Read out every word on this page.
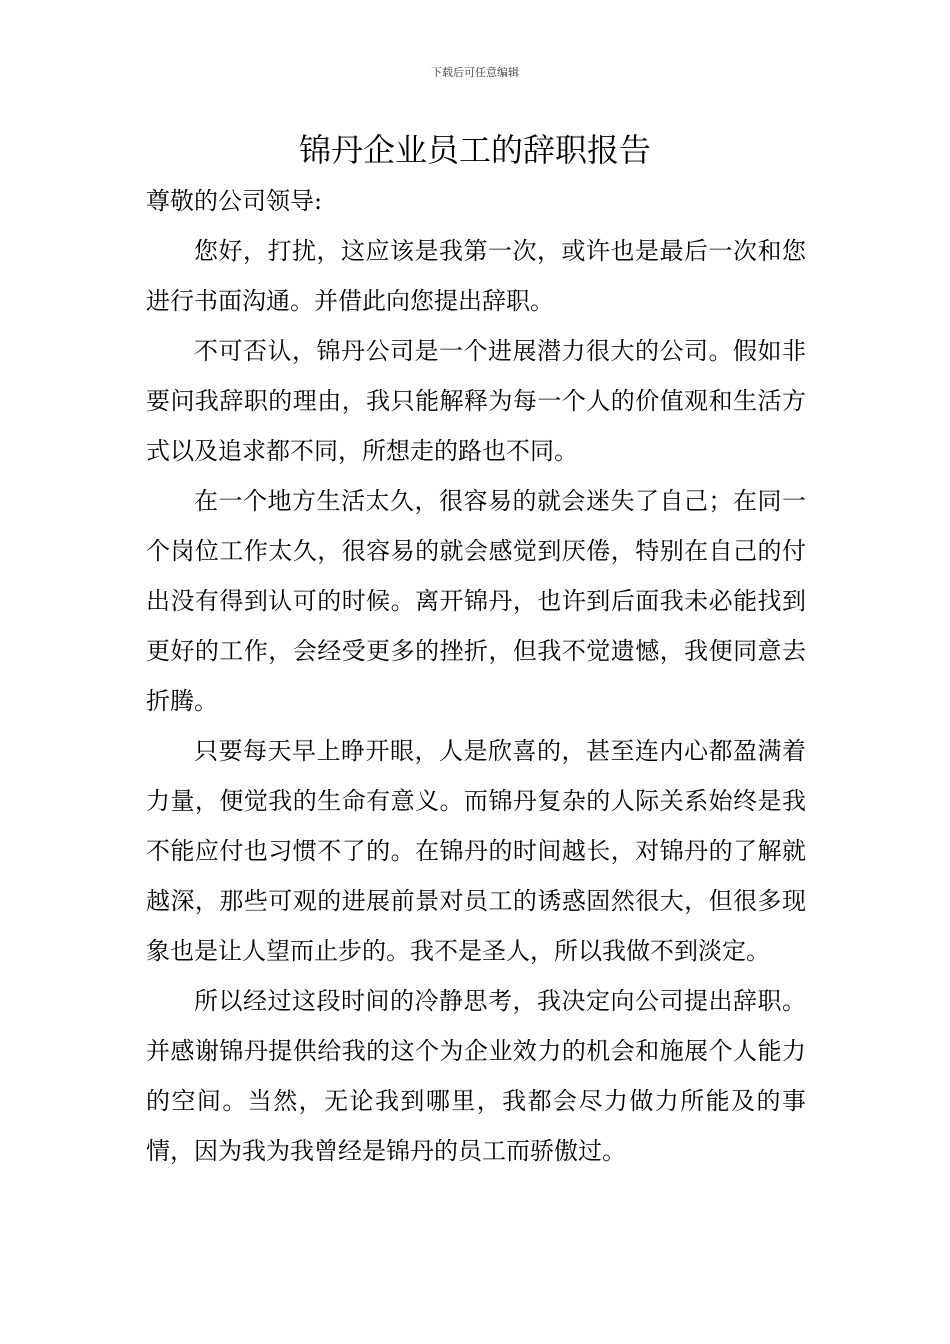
下载后可任意编辑
锦丹企业员工的辞职报告

尊敬的公司领导:

您好，打扰，这应该是我第一次，或许也是最后一次和您进行书面沟通。并借此向您提出辞职。

不可否认，锦丹公司是一个进展潜力很大的公司。假如非要问我辞职的理由，我只能解释为每一个人的价值观和生活方式以及追求都不同，所想走的路也不同。

在一个地方生活太久，很容易的就会迷失了自己；在同一个岗位工作太久，很容易的就会感觉到厌倦，特别在自己的付出没有得到认可的时候。离开锦丹，也许到后面我未必能找到更好的工作，会经受更多的挫折，但我不觉遗憾，我便同意去折腾。

只要每天早上睁开眼，人是欣喜的，甚至连内心都盈满着力量，便觉我的生命有意义。而锦丹复杂的人际关系始终是我不能应付也习惯不了的。在锦丹的时间越长，对锦丹的了解就越深，那些可观的进展前景对员工的诱惑固然很大，但很多现象也是让人望而止步的。我不是圣人，所以我做不到淡定。

所以经过这段时间的冷静思考，我决定向公司提出辞职。并感谢锦丹提供给我的这个为企业效力的机会和施展个人能力的空间。当然，无论我到哪里，我都会尽力做力所能及的事情，因为我为我曾经是锦丹的员工而骄傲过。
